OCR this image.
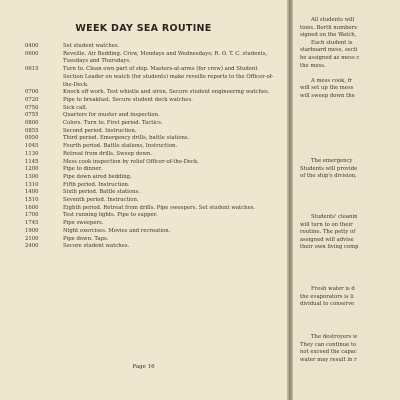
WEEK DAY SEA ROUTINE
0400	Set student watches.
0600	Reveille. Air Bedding. Crew, Mondays and Wednesdays; R. O. T. C. students, Tuesdays and Thursdays.
0615	Turn to. Clean own part of ship. Masters-at-arms (for crew) and Student Section Leader on watch (for students) make reveille reports to the Officer-of-the-Deck.
0700	Knock off work. Test whistle and siren. Secure student engineering watches.
0720	Pipe to breakfast. Secure student deck watches.
0750	Sick call.
0755	Quarters for muster and inspection.
0800	Colors. Turn to. First period. Tactics.
0855	Second period. Instruction.
0950	Third period. Emergency drills, battle stations.
1045	Fourth period. Battle stations, Instruction.
1130	Retreat from drills. Sweep down.
1145	Mess cook inspection by relief Officer-of-the-Deck.
1200	Pipe to dinner.
1300	Pipe down aired bedding.
1310	Fifth period. Instruction.
1400	Sixth period. Battle stations.
1510	Seventh period. Instruction.
1600	Eighth period. Retreat from drills. Pipe sweepers. Set student watches.
1700	Test running lights. Pipe to supper.
1745	Pipe sweepers.
1900	Night exercises. Movies and recreation.
2100	Pipe down. Taps.
2400	Secure student watches.
Page 16
All students will
tions. Berth numbers
signed on the Watch,
Each student is
starboard mess, secti
be assigned as mess c
the mess.

A mess cook, fr
will set up the mess
will sweep down the
The emergency
Students will provide
of the ship's division,
Students' cleanin
will turn to on their
routine. The petty of
assigned will advise
their own living comp
Fresh water is d
the evaporators is li
dividual to conserve
The destroyers w
They can continue to
not exceed the capac
water may result in r
